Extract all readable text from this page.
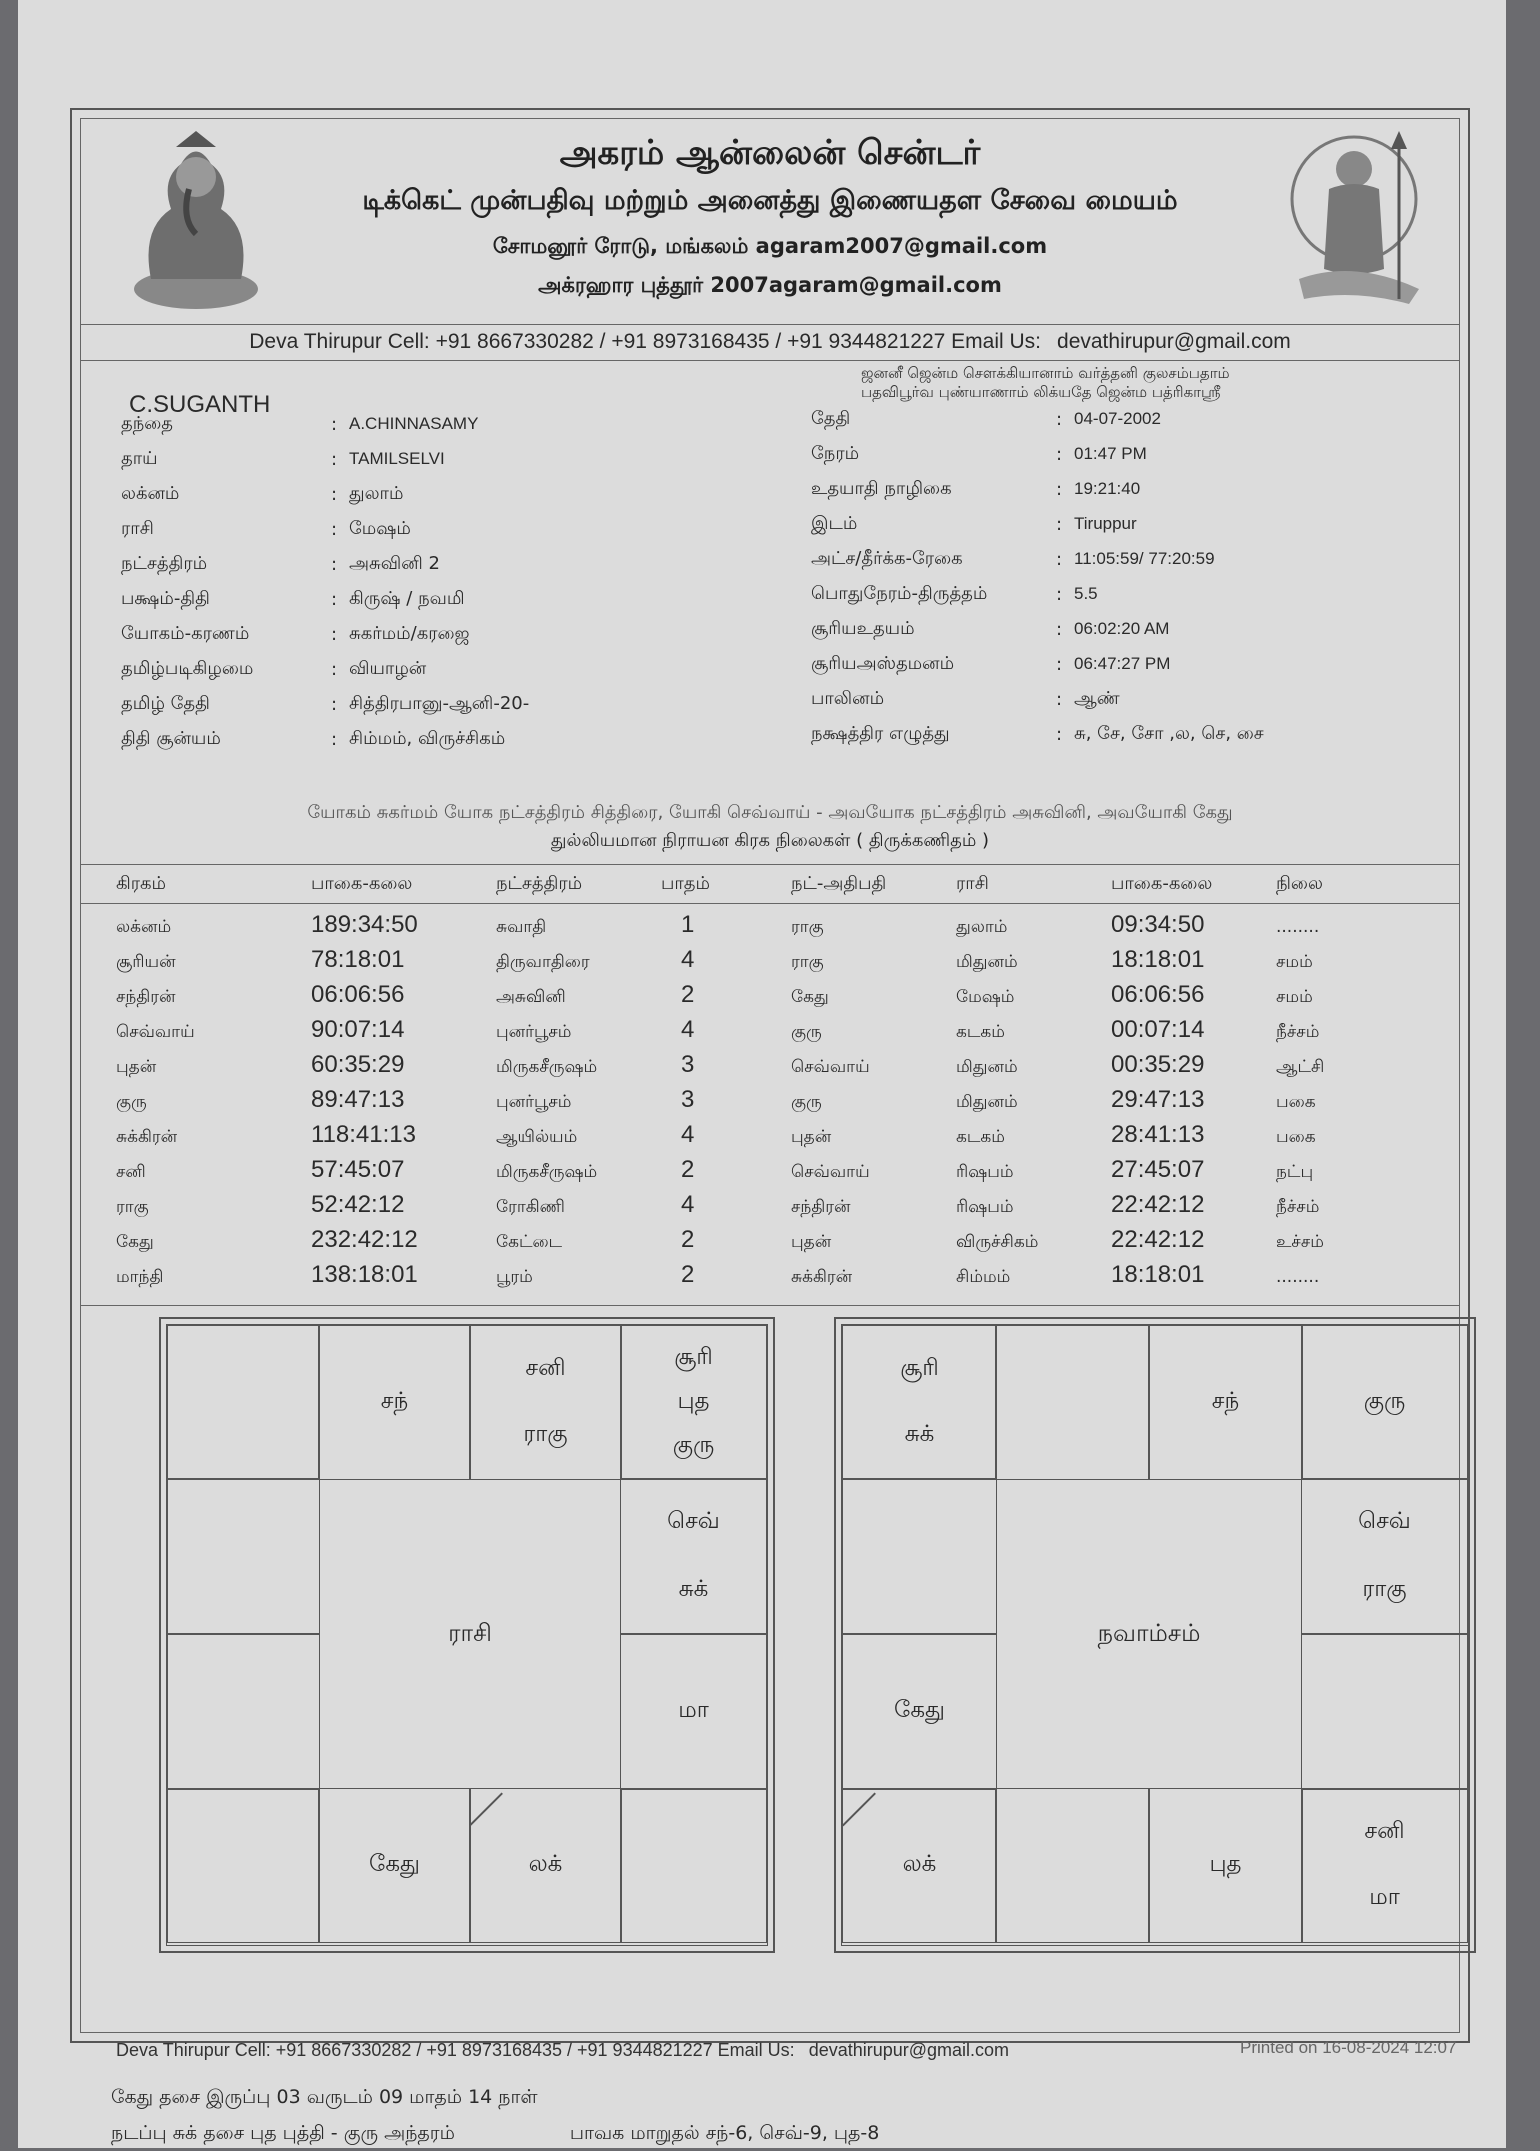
அகரம் ஆன்லைன் சென்டர்

டிக்கெட் முன்பதிவு மற்றும் அனைத்து இணையதள சேவை மையம்

சோமனூர் ரோடு, மங்கலம் agaram2007@gmail.com

அக்ரஹார புத்தூர் 2007agaram@gmail.com

Deva Thirupur Cell: +91 8667330282 / +91 8973168435 / +91 9344821227 Email Us: devathirupur@gmail.com
C.SUGANTH
ஜனனீ ஜென்ம சௌக்கியானாம் வர்த்தனி குலசம்பதாம்
பதவிபூர்வ புண்யாணாம் லிக்யதே ஜென்ம பத்ரிகாஸ்ரீ
தந்தை	: A.CHINNASAMY
தாய்	: TAMILSELVI
லக்னம்	: துலாம்
ராசி	: மேஷம்
நட்சத்திரம்	: அசுவினி 2
பக்ஷம்-திதி	: கிருஷ் / நவமி
யோகம்-கரணம்	: சுகர்மம்/கரஜை
தமிழ்படிகிழமை	: வியாழன்
தமிழ் தேதி	: சித்திரபானு-ஆனி-20-
திதி சூன்யம்	: சிம்மம், விருச்சிகம்
தேதி	: 04-07-2002
நேரம்	: 01:47 PM
உதயாதி நாழிகை	: 19:21:40
இடம்	: Tiruppur
அட்ச/தீர்க்க-ரேகை	: 11:05:59/ 77:20:59
பொதுநேரம்-திருத்தம்	: 5.5
சூரியஉதயம்	: 06:02:20 AM
சூரியஅஸ்தமனம்	: 06:47:27 PM
பாலினம்	: ஆண்
நக்ஷத்திர எழுத்து	: சு, சே, சோ ,ல, செ, சை
யோகம் சுகர்மம் யோக நட்சத்திரம் சித்திரை, யோகி செவ்வாய் - அவயோக நட்சத்திரம் அசுவினி, அவயோகி கேது
துல்லியமான நிராயன கிரக நிலைகள் ( திருக்கணிதம் )
கிரகம்	பாகை-கலை	நட்சத்திரம்	பாதம்	நட்-அதிபதி	ராசி	பாகை-கலை	நிலை
லக்னம்	189:34:50	சுவாதி	1	ராகு	துலாம்	09:34:50	........
சூரியன்	78:18:01	திருவாதிரை	4	ராகு	மிதுனம்	18:18:01	சமம்
சந்திரன்	06:06:56	அசுவினி	2	கேது	மேஷம்	06:06:56	சமம்
செவ்வாய்	90:07:14	புனர்பூசம்	4	குரு	கடகம்	00:07:14	நீச்சம்
புதன்	60:35:29	மிருகசீருஷம்	3	செவ்வாய்	மிதுனம்	00:35:29	ஆட்சி
குரு	89:47:13	புனர்பூசம்	3	குரு	மிதுனம்	29:47:13	பகை
சுக்கிரன்	118:41:13	ஆயில்யம்	4	புதன்	கடகம்	28:41:13	பகை
சனி	57:45:07	மிருகசீருஷம்	2	செவ்வாய்	ரிஷபம்	27:45:07	நட்பு
ராகு	52:42:12	ரோகிணி	4	சந்திரன்	ரிஷபம்	22:42:12	நீச்சம்
கேது	232:42:12	கேட்டை	2	புதன்	விருச்சிகம்	22:42:12	உச்சம்
மாந்தி	138:18:01	பூரம்	2	சுக்கிரன்	சிம்மம்	18:18:01	........
சந்
சனி
ராகு
சூரி
புத
குரு
செவ்
சுக்
மா
கேது	லக்
ராசி
சூரி
சுக்
சந்	குரு
செவ்
ராகு
கேது
லக்	புத
சனி
மா
நவாம்சம்
கேது தசை இருப்பு 03 வருடம் 09 மாதம் 14 நாள்
நடப்பு சுக் தசை புத புத்தி - குரு அந்தரம்	பாவக மாறுதல் சந்-6, செவ்-9, புத-8
Deva Thirupur Cell: +91 8667330282 / +91 8973168435 / +91 9344821227 Email Us: devathirupur@gmail.com	Printed on 16-08-2024 12:07
